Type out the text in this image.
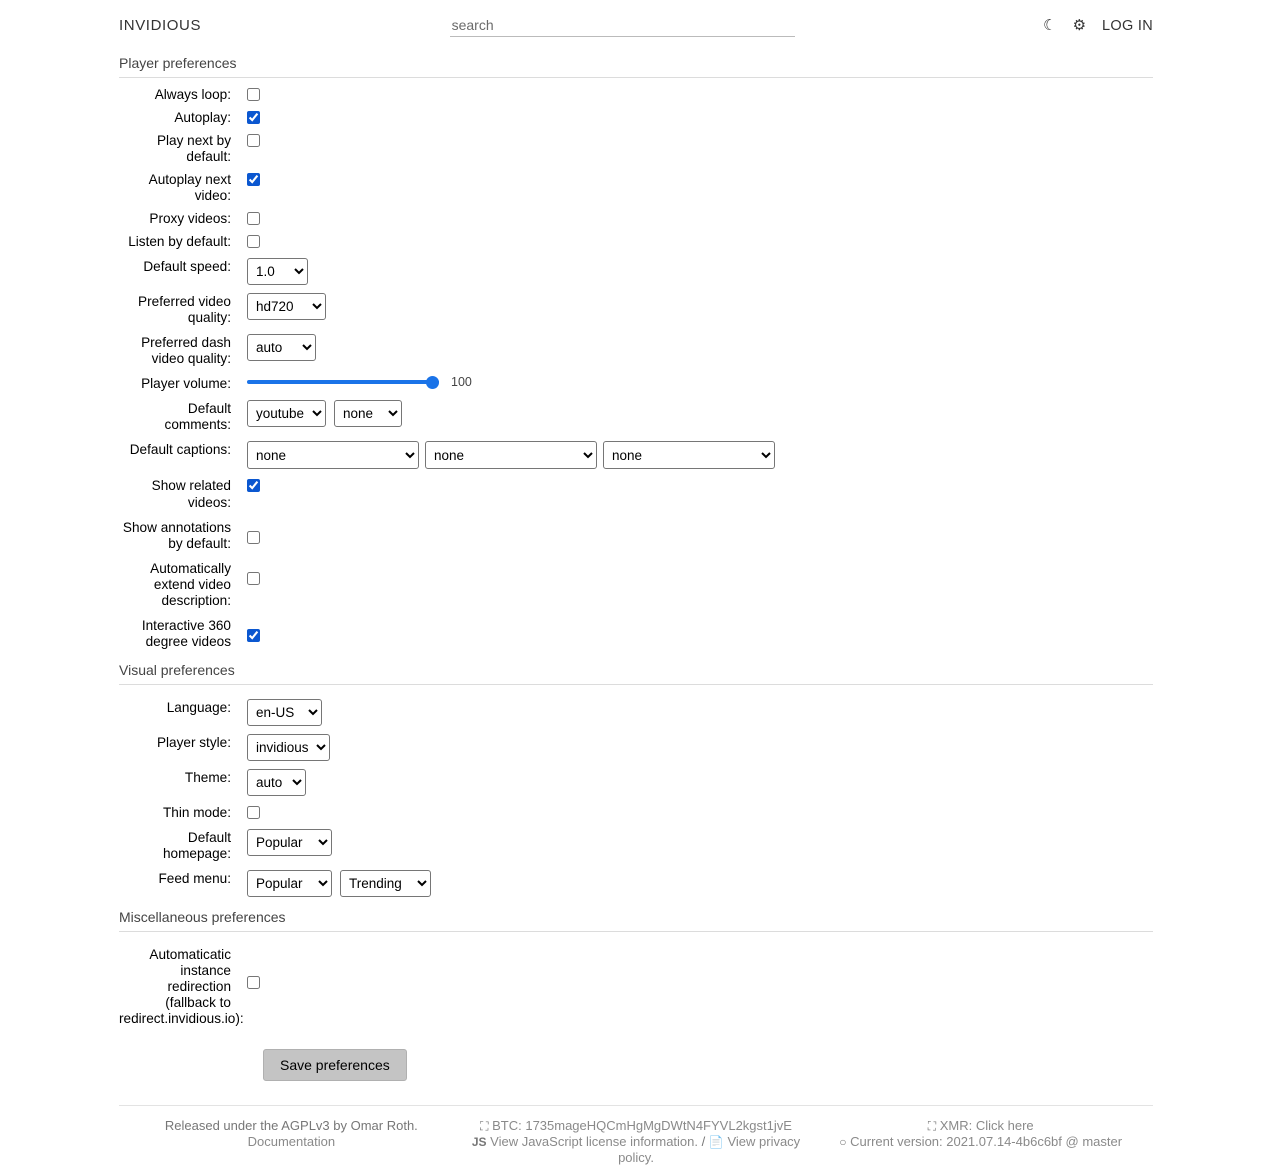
INVIDIOUS
search	☾ ⚙ LOG IN
Player preferences
Always loop:
Autoplay:
Play next by default:
Autoplay next video:
Proxy videos:
Listen by default:
Default speed:
1.0
Preferred video quality:
hd720
Preferred dash video quality:
auto
Player volume:	100
Default comments:
youtube
none
Default captions:
none
none
none
Show related videos:
Show annotations by default:
Automatically extend video description:
Interactive 360 degree videos
Visual preferences
Language:
en-US
Player style:
invidious
Theme:
auto
Thin mode:
Default homepage:
Popular
Feed menu:
Popular
Trending
Miscellaneous preferences
Automaticatic instance redirection (fallback to redirect.invidious.io):
Save preferences
Released under the AGPLv3 by Omar Roth.
Documentation
⛶ BTC: 1735mageHQCmHgMgDWtN4FYVL2kgst1jvE
JS View JavaScript license information. / 📄 View privacy policy.
⛶ XMR: Click here
○ Current version: 2021.07.14-4b6c6bf @ master
